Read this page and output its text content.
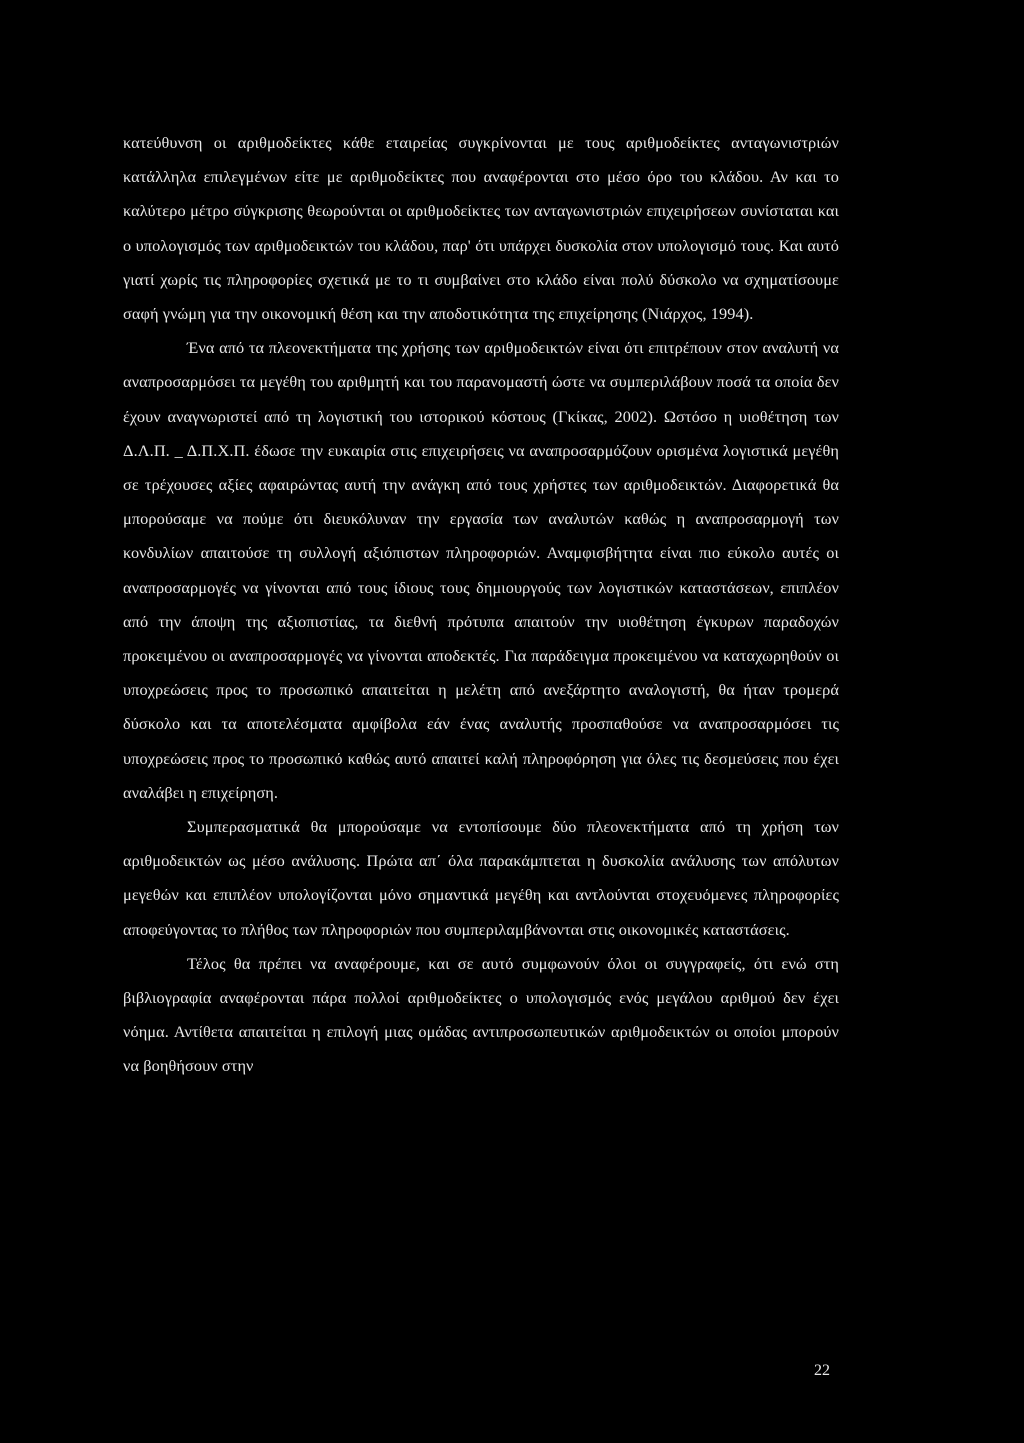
κατεύθυνση οι αριθμοδείκτες κάθε εταιρείας συγκρίνονται με τους αριθμοδείκτες ανταγωνιστριών κατάλληλα επιλεγμένων είτε με αριθμοδείκτες που αναφέρονται στο μέσο όρο του κλάδου. Αν και το καλύτερο μέτρο σύγκρισης θεωρούνται οι αριθμοδείκτες των ανταγωνιστριών επιχειρήσεων συνίσταται και ο υπολογισμός των αριθμοδεικτών του κλάδου, παρ' ότι υπάρχει δυσκολία στον υπολογισμό τους. Και αυτό γιατί χωρίς τις πληροφορίες σχετικά με το τι συμβαίνει στο κλάδο είναι πολύ δύσκολο να σχηματίσουμε σαφή γνώμη για την οικονομική θέση και την αποδοτικότητα της επιχείρησης (Νιάρχος, 1994).

Ένα από τα πλεονεκτήματα της χρήσης των αριθμοδεικτών είναι ότι επιτρέπουν στον αναλυτή να αναπροσαρμόσει τα μεγέθη του αριθμητή και του παρανομαστή ώστε να συμπεριλάβουν ποσά τα οποία δεν έχουν αναγνωριστεί από τη λογιστική του ιστορικού κόστους (Γκίκας, 2002). Ωστόσο η υιοθέτηση των Δ.Λ.Π. _ Δ.Π.Χ.Π. έδωσε την ευκαιρία στις επιχειρήσεις να αναπροσαρμόζουν ορισμένα λογιστικά μεγέθη σε τρέχουσες αξίες αφαιρώντας αυτή την ανάγκη από τους χρήστες των αριθμοδεικτών. Διαφορετικά θα μπορούσαμε να πούμε ότι διευκόλυναν την εργασία των αναλυτών καθώς η αναπροσαρμογή των κονδυλίων απαιτούσε τη συλλογή αξιόπιστων πληροφοριών. Αναμφισβήτητα είναι πιο εύκολο αυτές οι αναπροσαρμογές να γίνονται από τους ίδιους τους δημιουργούς των λογιστικών καταστάσεων, επιπλέον από την άποψη της αξιοπιστίας, τα διεθνή πρότυπα απαιτούν την υιοθέτηση έγκυρων παραδοχών προκειμένου οι αναπροσαρμογές να γίνονται αποδεκτές. Για παράδειγμα προκειμένου να καταχωρηθούν οι υποχρεώσεις προς το προσωπικό απαιτείται η μελέτη από ανεξάρτητο αναλογιστή, θα ήταν τρομερά δύσκολο και τα αποτελέσματα αμφίβολα εάν ένας αναλυτής προσπαθούσε να αναπροσαρμόσει τις υποχρεώσεις προς το προσωπικό καθώς αυτό απαιτεί καλή πληροφόρηση για όλες τις δεσμεύσεις που έχει αναλάβει η επιχείρηση.

Συμπερασματικά θα μπορούσαμε να εντοπίσουμε δύο πλεονεκτήματα από τη χρήση των αριθμοδεικτών ως μέσο ανάλυσης. Πρώτα απ΄ όλα παρακάμπτεται η δυσκολία ανάλυσης των απόλυτων μεγεθών και επιπλέον υπολογίζονται μόνο σημαντικά μεγέθη και αντλούνται στοχευόμενες πληροφορίες αποφεύγοντας το πλήθος των πληροφοριών που συμπεριλαμβάνονται στις οικονομικές καταστάσεις.

Τέλος θα πρέπει να αναφέρουμε, και σε αυτό συμφωνούν όλοι οι συγγραφείς, ότι ενώ στη βιβλιογραφία αναφέρονται πάρα πολλοί αριθμοδείκτες ο υπολογισμός ενός μεγάλου αριθμού δεν έχει νόημα. Αντίθετα απαιτείται η επιλογή μιας ομάδας αντιπροσωπευτικών αριθμοδεικτών οι οποίοι μπορούν να βοηθήσουν στην

22
